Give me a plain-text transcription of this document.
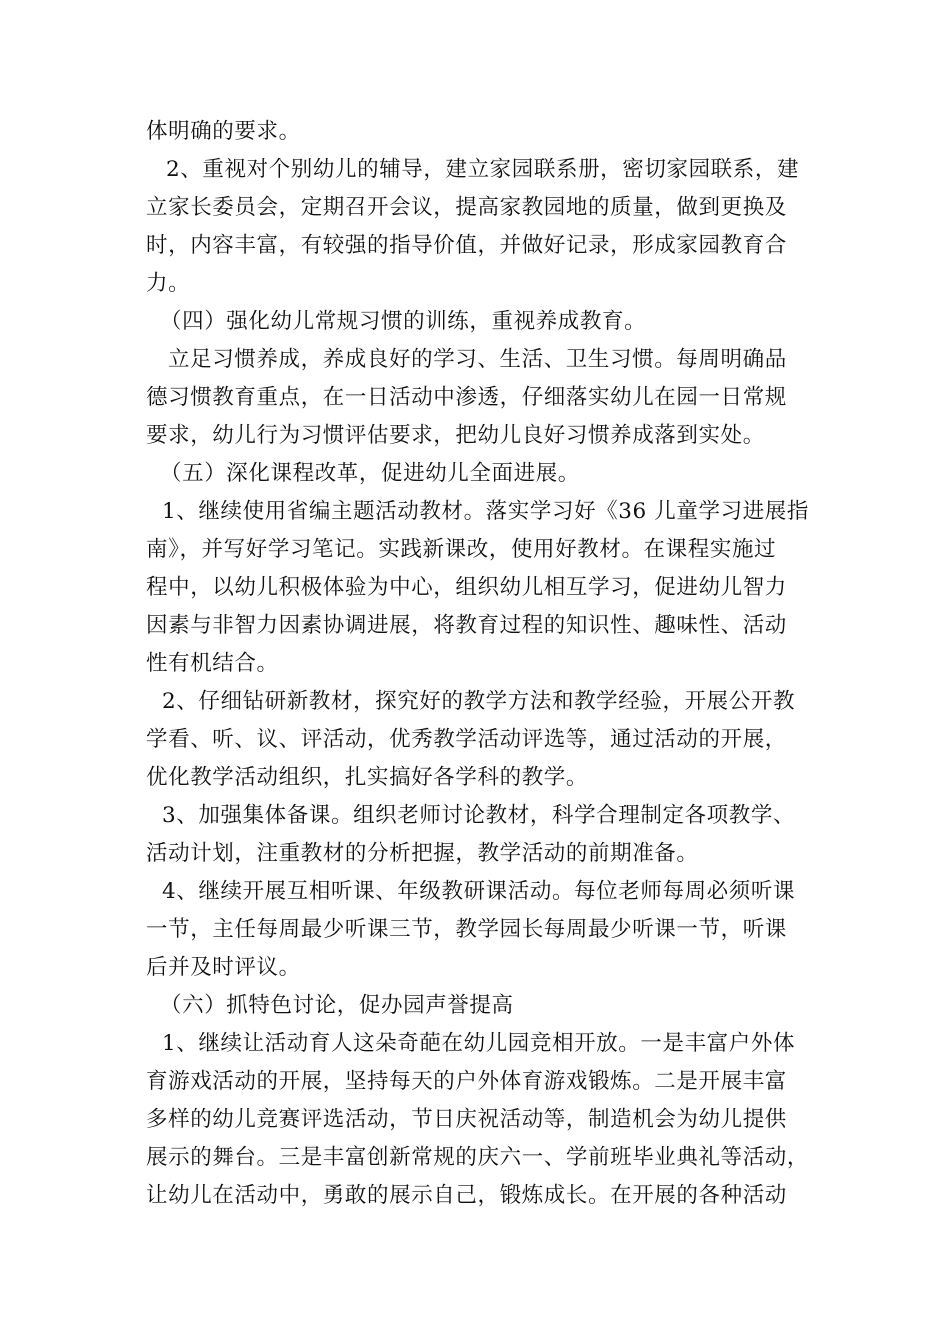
体明确的要求。
2、重视对个别幼儿的辅导，建立家园联系册，密切家园联系，建
立家长委员会，定期召开会议，提高家教园地的质量，做到更换及
时，内容丰富，有较强的指导价值，并做好记录，形成家园教育合
力。
（四）强化幼儿常规习惯的训练，重视养成教育。
立足习惯养成，养成良好的学习、生活、卫生习惯。每周明确品
德习惯教育重点，在一日活动中渗透，仔细落实幼儿在园一日常规
要求，幼儿行为习惯评估要求，把幼儿良好习惯养成落到实处。
（五）深化课程改革，促进幼儿全面进展。
1、继续使用省编主题活动教材。落实学习好《36 儿童学习进展指
南》，并写好学习笔记。实践新课改，使用好教材。在课程实施过
程中，以幼儿积极体验为中心，组织幼儿相互学习，促进幼儿智力
因素与非智力因素协调进展，将教育过程的知识性、趣味性、活动
性有机结合。
2、仔细钻研新教材，探究好的教学方法和教学经验，开展公开教
学看、听、议、评活动，优秀教学活动评选等，通过活动的开展，
优化教学活动组织，扎实搞好各学科的教学。
3、加强集体备课。组织老师讨论教材，科学合理制定各项教学、
活动计划，注重教材的分析把握，教学活动的前期准备。
4、继续开展互相听课、年级教研课活动。每位老师每周必须听课
一节，主任每周最少听课三节，教学园长每周最少听课一节，听课
后并及时评议。
（六）抓特色讨论，促办园声誉提高
1、继续让活动育人这朵奇葩在幼儿园竞相开放。一是丰富户外体
育游戏活动的开展，坚持每天的户外体育游戏锻炼。二是开展丰富
多样的幼儿竞赛评选活动，节日庆祝活动等，制造机会为幼儿提供
展示的舞台。三是丰富创新常规的庆六一、学前班毕业典礼等活动，
让幼儿在活动中，勇敢的展示自己，锻炼成长。在开展的各种活动
